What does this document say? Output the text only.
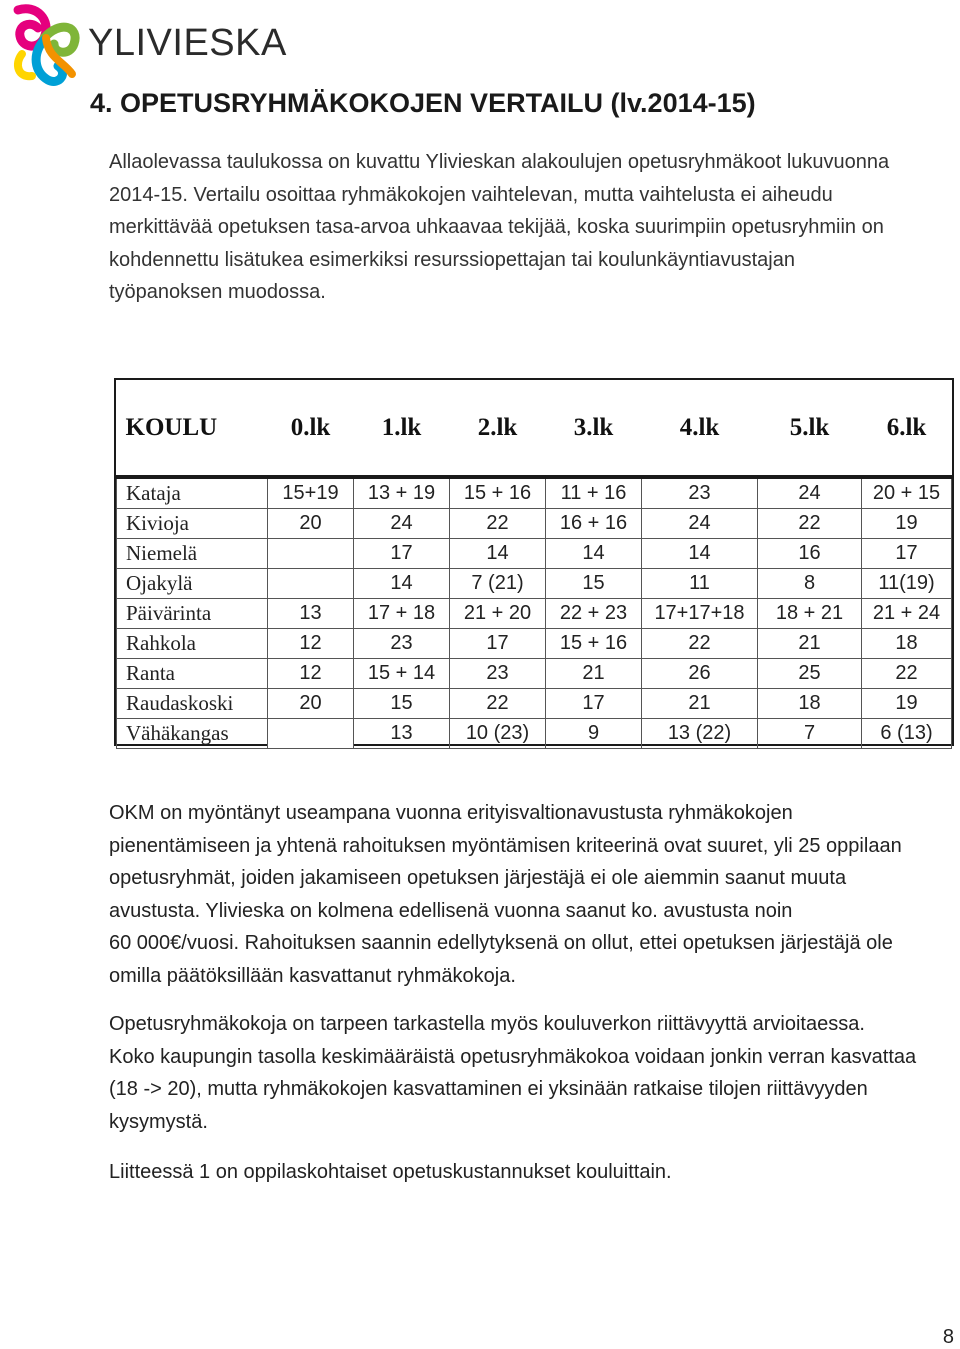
YLIVIESKA
4. OPETUSRYHMÄKOKOJEN VERTAILU (lv.2014-15)
Allaolevassa taulukossa on kuvattu Ylivieskan alakoulujen opetusryhmäkoot lukuvuonna
2014-15. Vertailu osoittaa ryhmäkokojen vaihtelevan, mutta vaihtelusta ei aiheudu
merkittävää opetuksen tasa-arvoa uhkaavaa tekijää, koska suurimpiin opetusryhmiin on
kohdennettu lisätukea esimerkiksi resurssiopettajan tai koulunkäyntiavustajan
työpanoksen muodossa.
KOULU	0.lk	1.lk	2.lk	3.lk	4.lk	5.lk	6.lk
Kataja	15+19	13 + 19	15 + 16	11 + 16	23	24	20 + 15
Kivioja	20	24	22	16 + 16	24	22	19
Niemelä		17	14	14	14	16	17
Ojakylä		14	7 (21)	15	11	8	11(19)
Päivärinta	13	17 + 18	21 + 20	22 + 23	17+17+18	18 + 21	21 + 24
Rahkola	12	23	17	15 + 16	22	21	18
Ranta	12	15 + 14	23	21	26	25	22
Raudaskoski	20	15	22	17	21	18	19
Vähäkangas		13	10 (23)	9	13 (22)	7	6 (13)
OKM on myöntänyt useampana vuonna erityisvaltionavustusta ryhmäkokojen
pienentämiseen ja yhtenä rahoituksen myöntämisen kriteerinä ovat suuret, yli 25 oppilaan
opetusryhmät, joiden jakamiseen opetuksen järjestäjä ei ole aiemmin saanut muuta
avustusta. Ylivieska on kolmena edellisenä vuonna saanut ko. avustusta noin
60 000€/vuosi. Rahoituksen saannin edellytyksenä on ollut, ettei opetuksen järjestäjä ole
omilla päätöksillään kasvattanut ryhmäkokoja.
Opetusryhmäkokoja on tarpeen tarkastella myös kouluverkon riittävyyttä arvioitaessa.
Koko kaupungin tasolla keskimääräistä opetusryhmäkokoa voidaan jonkin verran kasvattaa
(18 -> 20), mutta ryhmäkokojen kasvattaminen ei yksinään ratkaise tilojen riittävyyden
kysymystä.
Liitteessä 1 on oppilaskohtaiset opetuskustannukset kouluittain.
8
